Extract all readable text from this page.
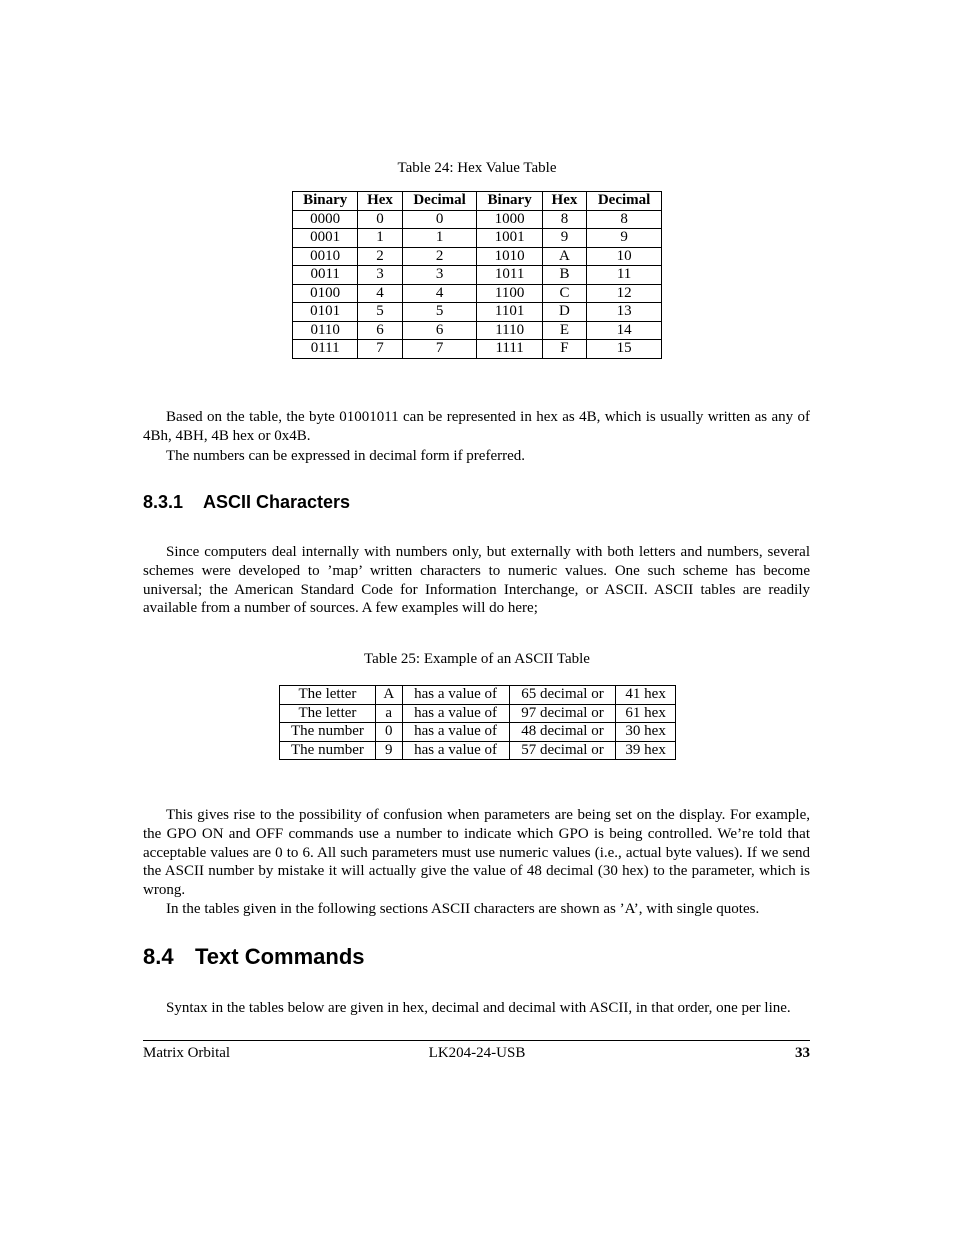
Table 24: Hex Value Table
Binary	Hex	Decimal	Binary	Hex	Decimal
0000	0	0	1000	8	8
0001	1	1	1001	9	9
0010	2	2	1010	A	10
0011	3	3	1011	B	11
0100	4	4	1100	C	12
0101	5	5	1101	D	13
0110	6	6	1110	E	14
0111	7	7	1111	F	15

Based on the table, the byte 01001011 can be represented in hex as 4B, which is usually written as any of 4Bh, 4BH, 4B hex or 0x4B.

The numbers can be expressed in decimal form if preferred.

8.3.1 ASCII Characters

Since computers deal internally with numbers only, but externally with both letters and numbers, several schemes were developed to ’map’ written characters to numeric values. One such scheme has become universal; the American Standard Code for Information Interchange, or ASCII. ASCII tables are readily available from a number of sources. A few examples will do here;

Table 25: Example of an ASCII Table
The letter	A	has a value of	65 decimal or	41 hex
The letter	a	has a value of	97 decimal or	61 hex
The number	0	has a value of	48 decimal or	30 hex
The number	9	has a value of	57 decimal or	39 hex

This gives rise to the possibility of confusion when parameters are being set on the display. For example, the GPO ON and OFF commands use a number to indicate which GPO is being controlled. We’re told that acceptable values are 0 to 6. All such parameters must use numeric values (i.e., actual byte values). If we send the ASCII number by mistake it will actually give the value of 48 decimal (30 hex) to the parameter, which is wrong.

In the tables given in the following sections ASCII characters are shown as ’A’, with single quotes.

8.4 Text Commands

Syntax in the tables below are given in hex, decimal and decimal with ASCII, in that order, one per line.

Matrix Orbital	LK204-24-USB	33
